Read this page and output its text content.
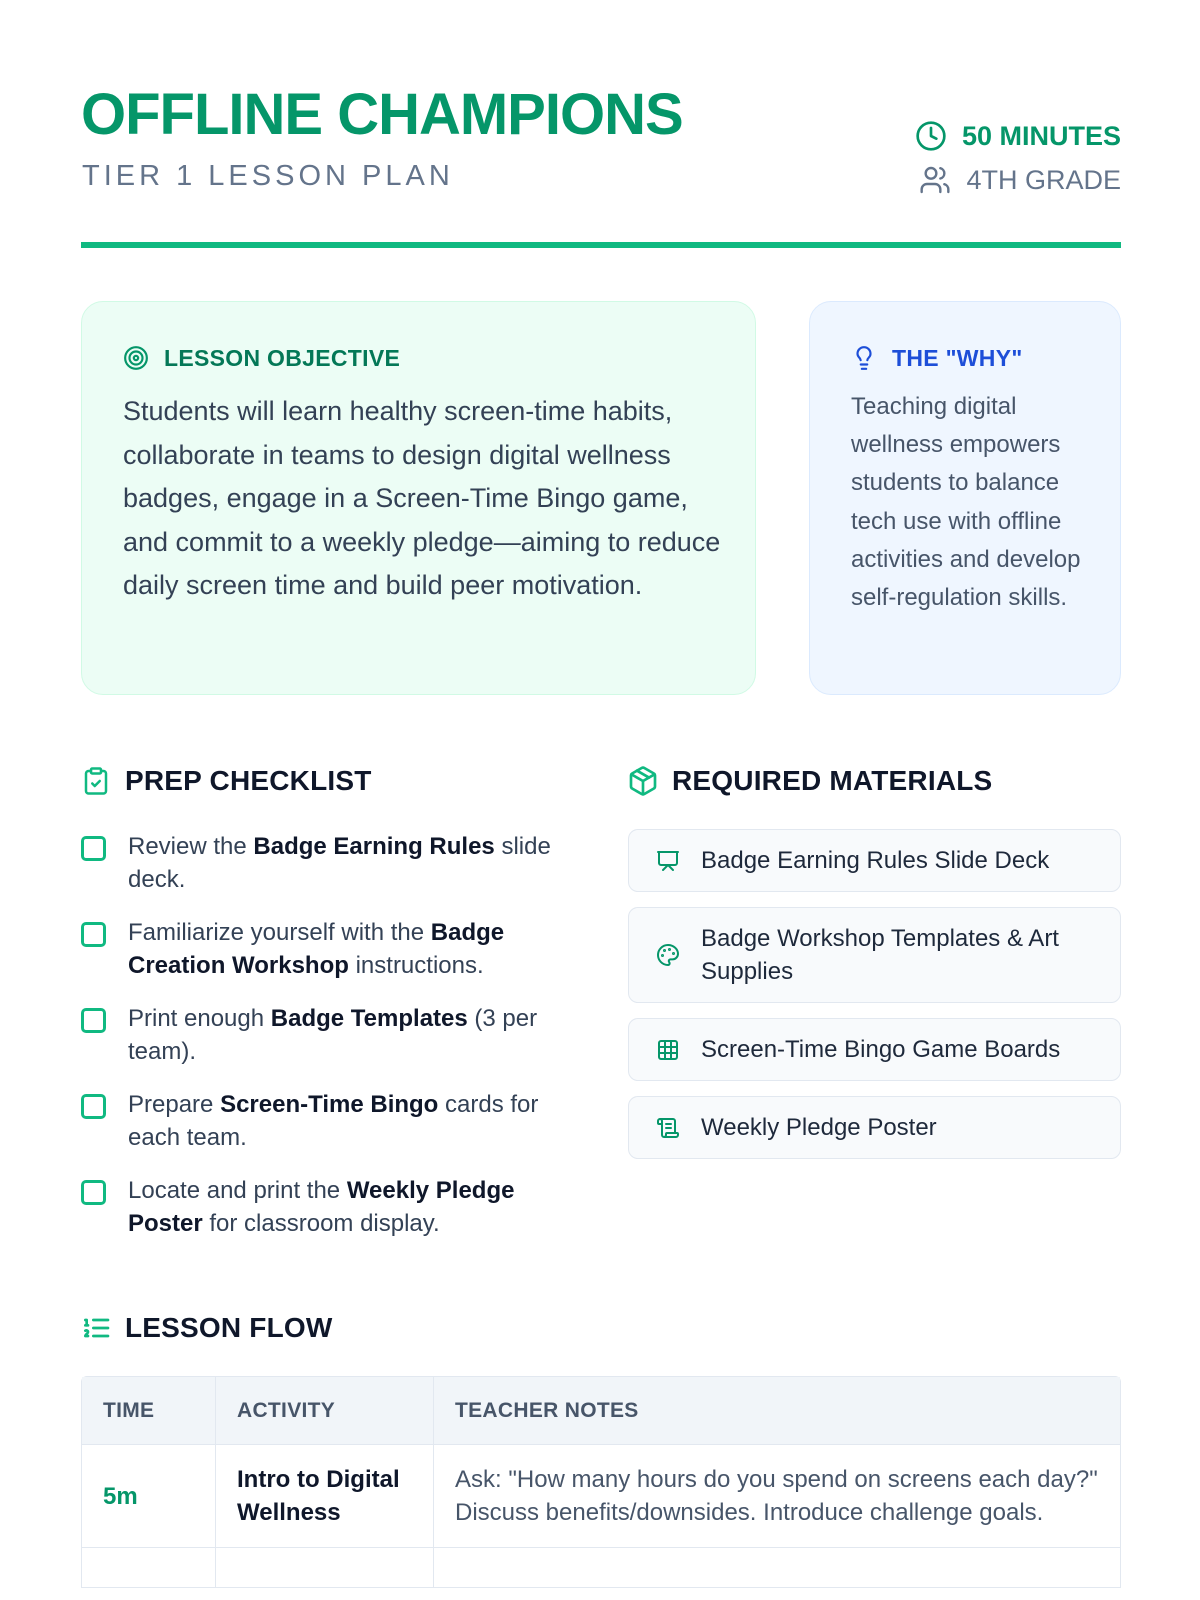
OFFLINE CHAMPIONS
TIER 1 LESSON PLAN
50 MINUTES
4TH GRADE
LESSON OBJECTIVE
Students will learn healthy screen-time habits, collaborate in teams to design digital wellness badges, engage in a Screen-Time Bingo game, and commit to a weekly pledge—aiming to reduce daily screen time and build peer motivation.
THE "WHY"
Teaching digital wellness empowers students to balance tech use with offline activities and develop self-regulation skills.
PREP CHECKLIST	REQUIRED MATERIALS
Review the Badge Earning Rules slide deck.
Familiarize yourself with the Badge Creation Workshop instructions.
Print enough Badge Templates (3 per team).
Prepare Screen-Time Bingo cards for each team.
Locate and print the Weekly Pledge Poster for classroom display.
Badge Earning Rules Slide Deck
Badge Workshop Templates & Art Supplies
Screen-Time Bingo Game Boards
Weekly Pledge Poster
LESSON FLOW
TIME	ACTIVITY	TEACHER NOTES
5m	Intro to Digital Wellness	Ask: "How many hours do you spend on screens each day?" Discuss benefits/downsides. Introduce challenge goals.
